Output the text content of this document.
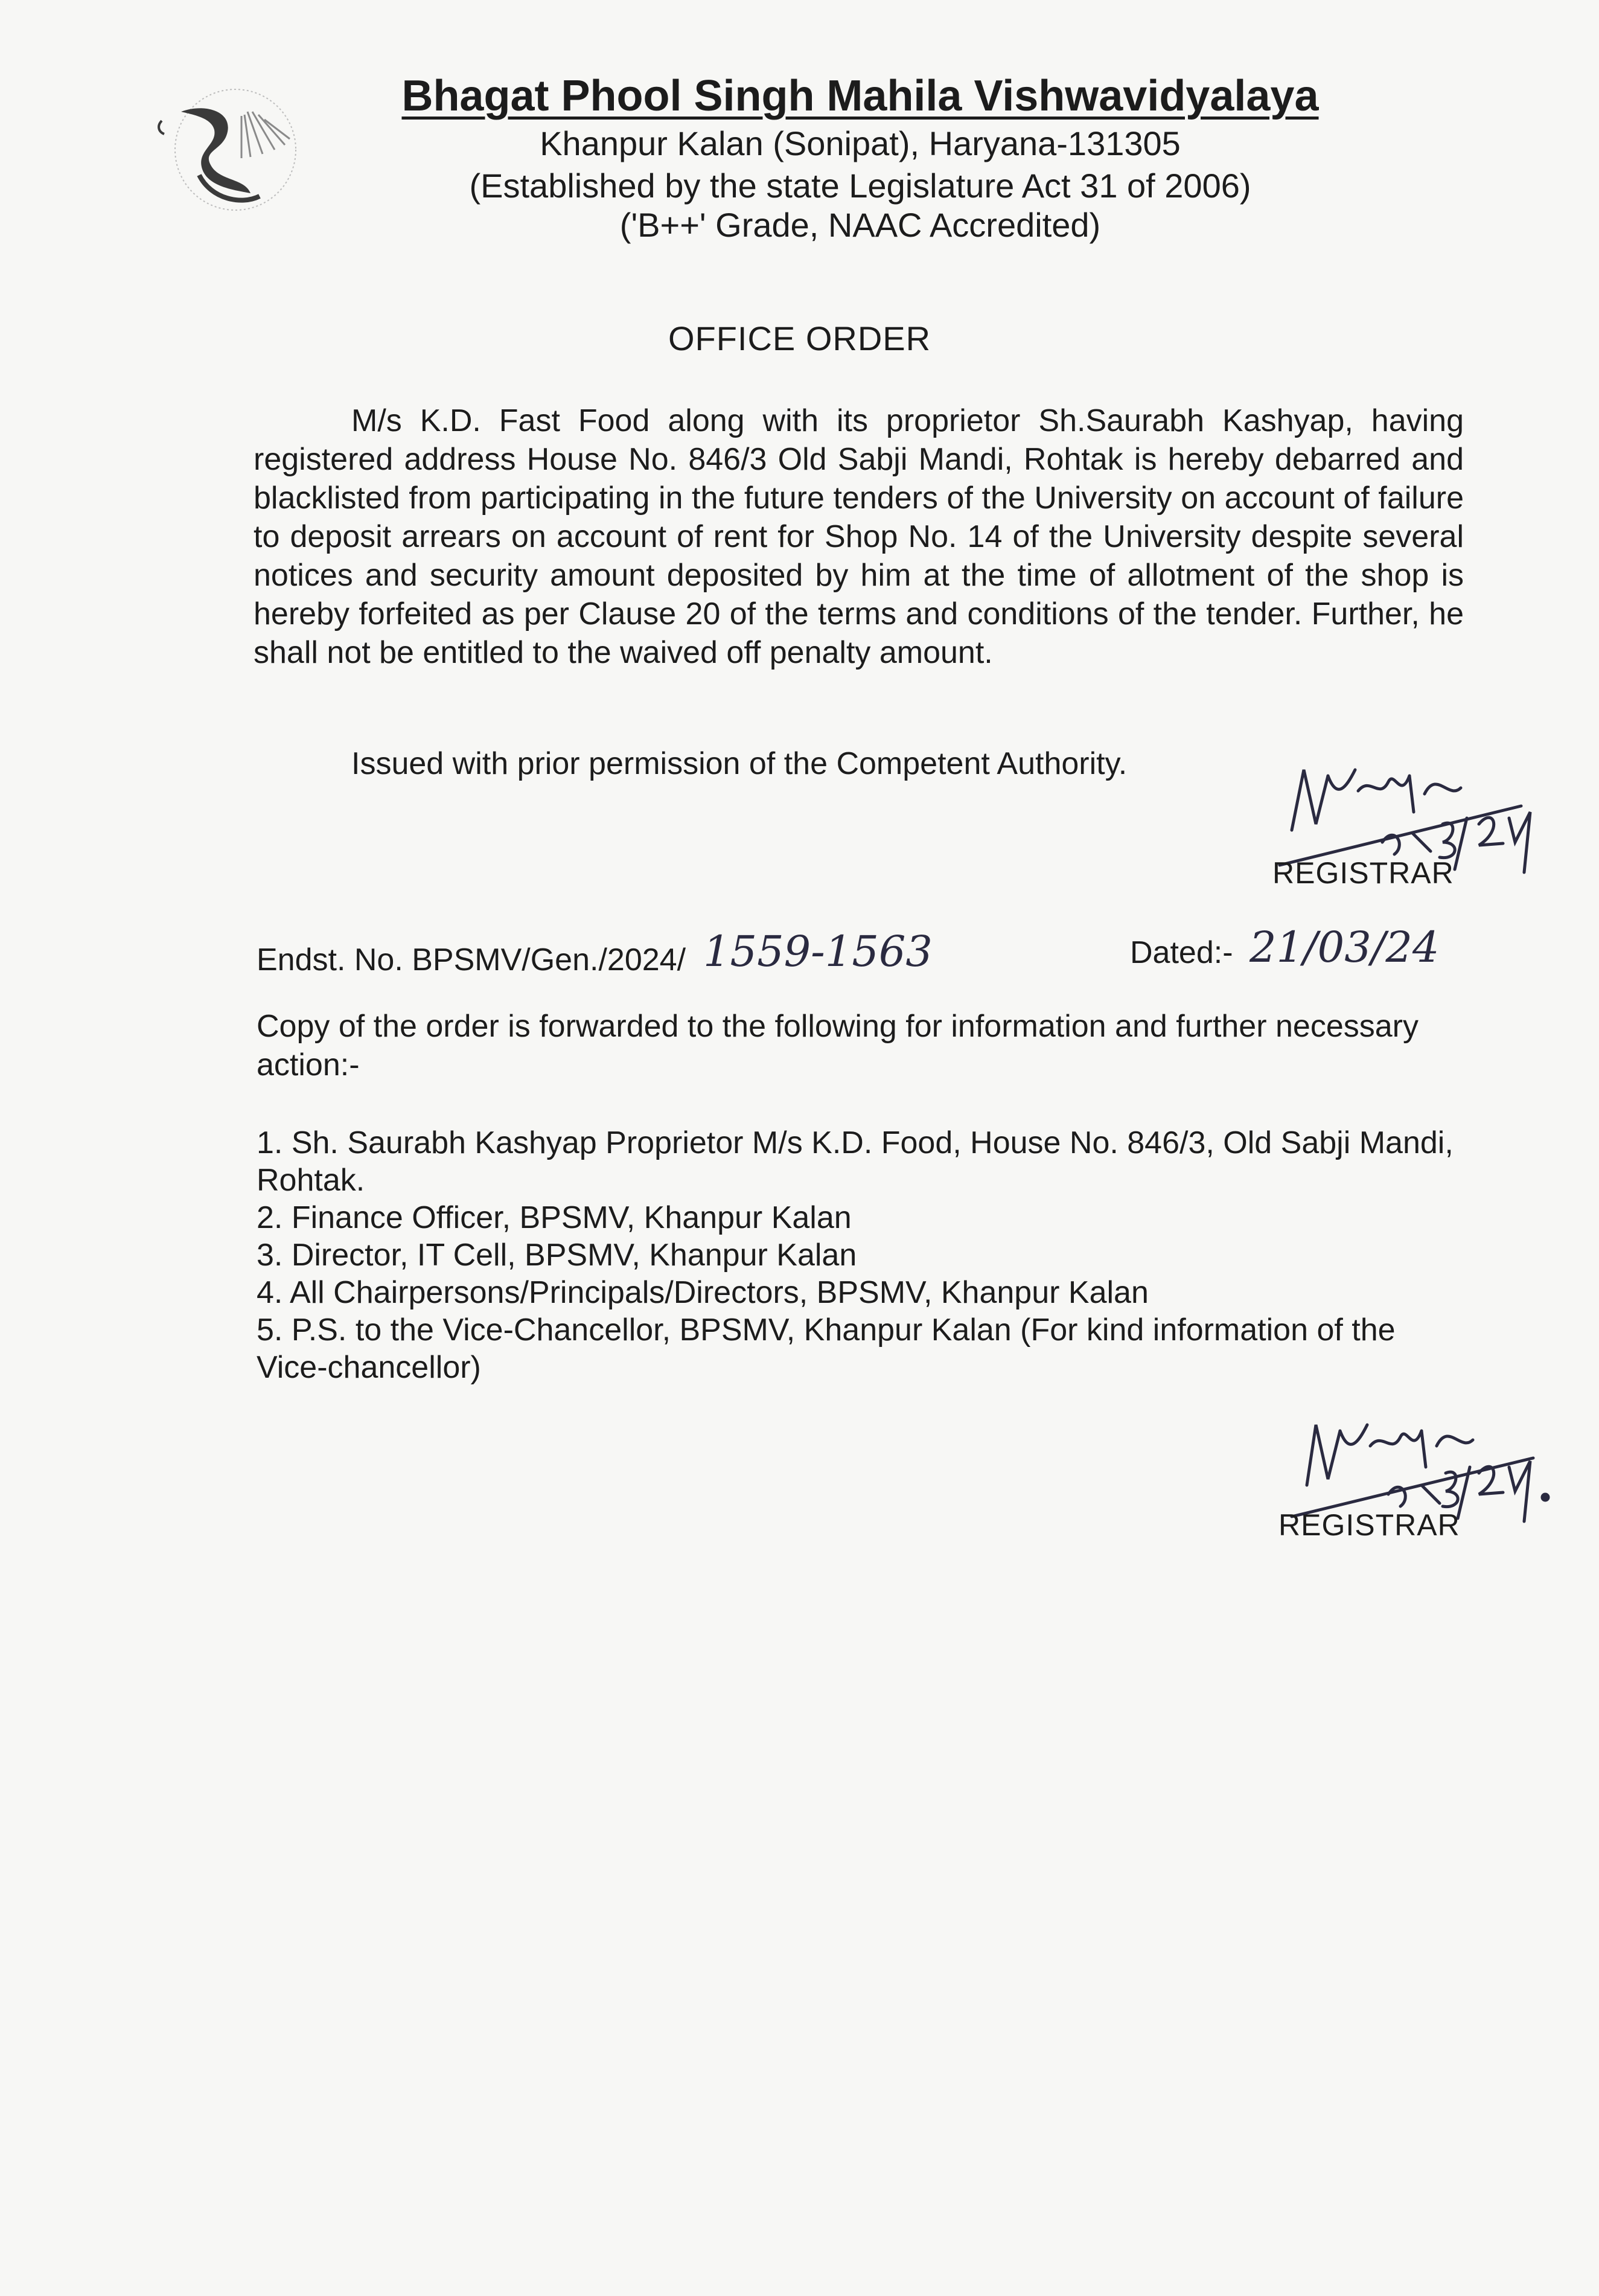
Bhagat Phool Singh Mahila Vishwavidyalaya
Khanpur Kalan (Sonipat), Haryana-131305
(Established by the state Legislature Act 31 of 2006)
('B++' Grade, NAAC Accredited)
OFFICE ORDER
M/s K.D. Fast Food along with its proprietor Sh.Saurabh Kashyap, having registered address House No. 846/3 Old Sabji Mandi, Rohtak is hereby debarred and blacklisted from participating in the future tenders of the University on account of failure to deposit arrears on account of rent for Shop No. 14 of the University despite several notices and security amount deposited by him at the time of allotment of the shop is hereby forfeited as per Clause 20 of the terms and conditions of the tender. Further, he shall not be entitled to the waived off penalty amount.
Issued with prior permission of the Competent Authority.
REGISTRAR
Endst. No. BPSMV/Gen./2024/ 1559-1563	Dated:- 21/03/24
Copy of the order is forwarded to the following for information and further necessary action:-
1. Sh. Saurabh Kashyap Proprietor M/s K.D. Food, House No. 846/3, Old Sabji Mandi, Rohtak.
2. Finance Officer, BPSMV, Khanpur Kalan
3. Director, IT Cell, BPSMV, Khanpur Kalan
4. All Chairpersons/Principals/Directors, BPSMV, Khanpur Kalan
5. P.S. to the Vice-Chancellor, BPSMV, Khanpur Kalan (For kind information of the Vice-chancellor)
REGISTRAR
